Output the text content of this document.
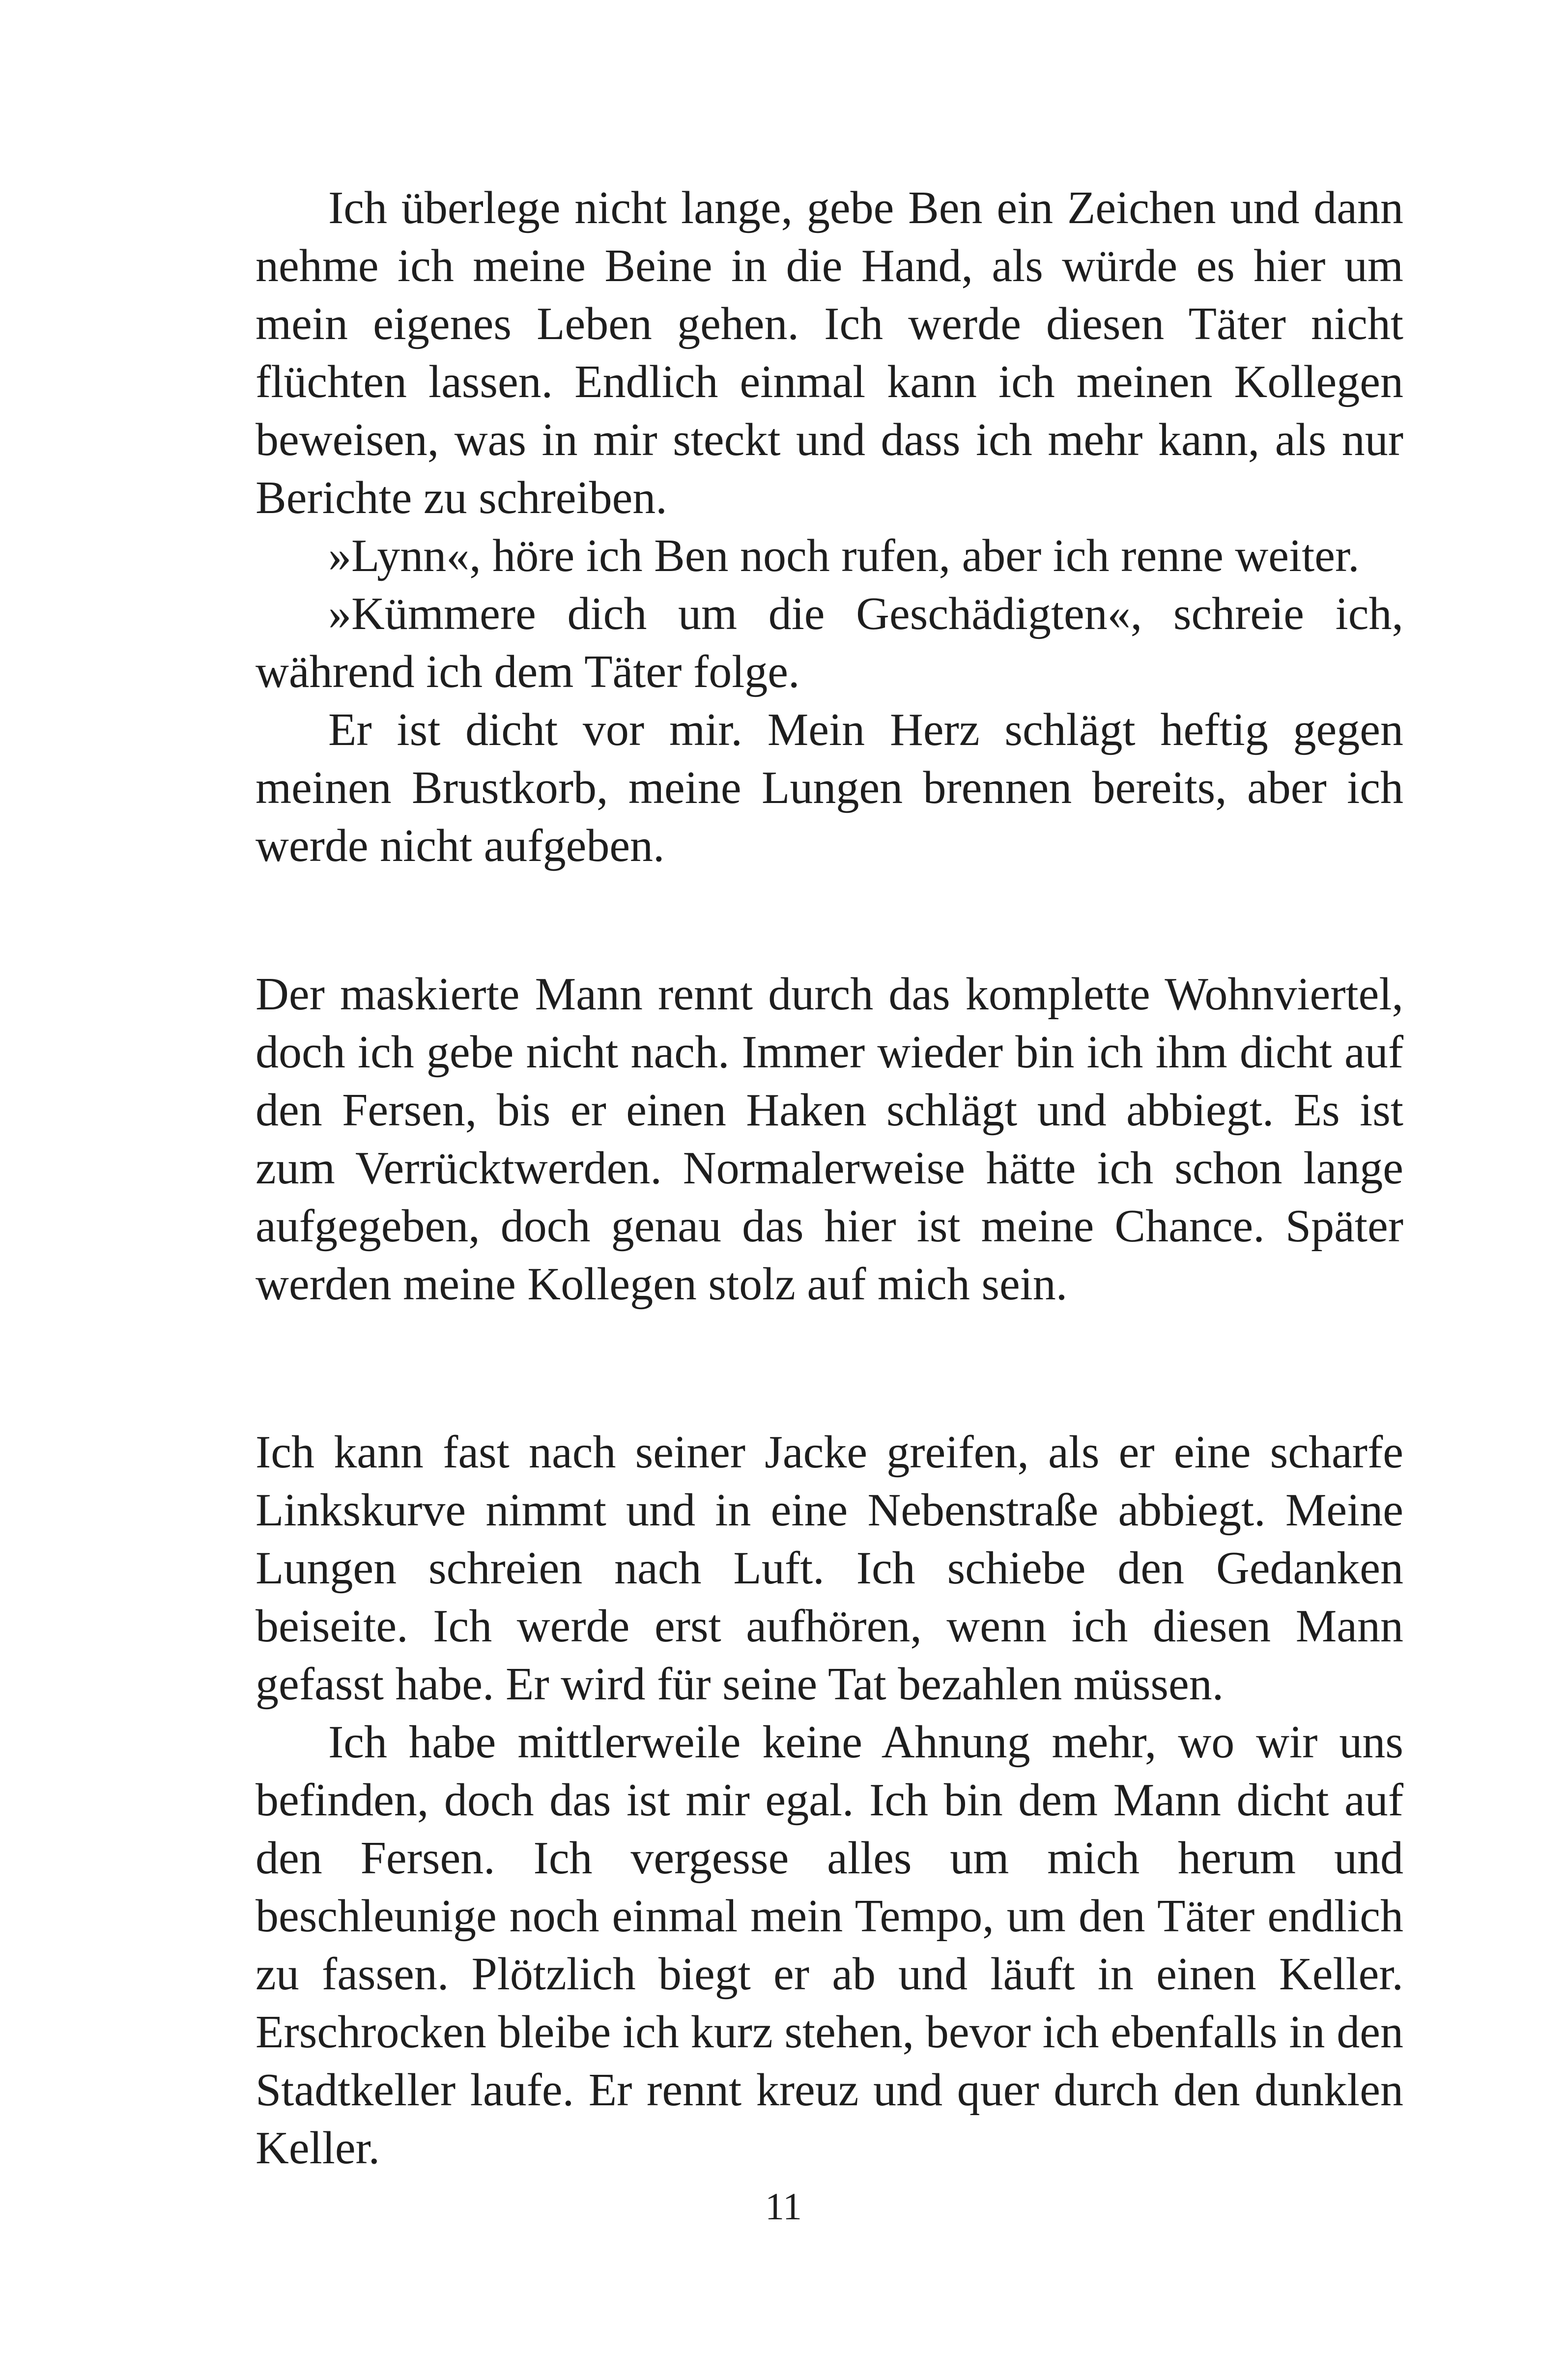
Ich überlege nicht lange, gebe Ben ein Zeichen und dann nehme ich meine Beine in die Hand, als würde es hier um mein eigenes Leben gehen. Ich werde diesen Täter nicht flüchten lassen. Endlich einmal kann ich meinen Kollegen beweisen, was in mir steckt und dass ich mehr kann, als nur Berichte zu schreiben.

»Lynn«, höre ich Ben noch rufen, aber ich renne weiter.

»Kümmere dich um die Geschädigten«, schreie ich, während ich dem Täter folge.

Er ist dicht vor mir. Mein Herz schlägt heftig gegen meinen Brustkorb, meine Lungen brennen bereits, aber ich werde nicht aufgeben.

Der maskierte Mann rennt durch das komplette Wohnviertel, doch ich gebe nicht nach. Immer wieder bin ich ihm dicht auf den Fersen, bis er einen Haken schlägt und abbiegt. Es ist zum Verrücktwerden. Normalerweise hätte ich schon lange aufgegeben, doch genau das hier ist meine Chance. Später werden meine Kollegen stolz auf mich sein.

Ich kann fast nach seiner Jacke greifen, als er eine scharfe Linkskurve nimmt und in eine Nebenstraße abbiegt. Meine Lungen schreien nach Luft. Ich schiebe den Gedanken beiseite. Ich werde erst aufhören, wenn ich diesen Mann gefasst habe. Er wird für seine Tat bezahlen müssen.

Ich habe mittlerweile keine Ahnung mehr, wo wir uns befinden, doch das ist mir egal. Ich bin dem Mann dicht auf den Fersen. Ich vergesse alles um mich herum und beschleunige noch einmal mein Tempo, um den Täter endlich zu fassen. Plötzlich biegt er ab und läuft in einen Keller. Erschrocken bleibe ich kurz stehen, bevor ich ebenfalls in den Stadtkeller laufe. Er rennt kreuz und quer durch den dunklen Keller.

11
